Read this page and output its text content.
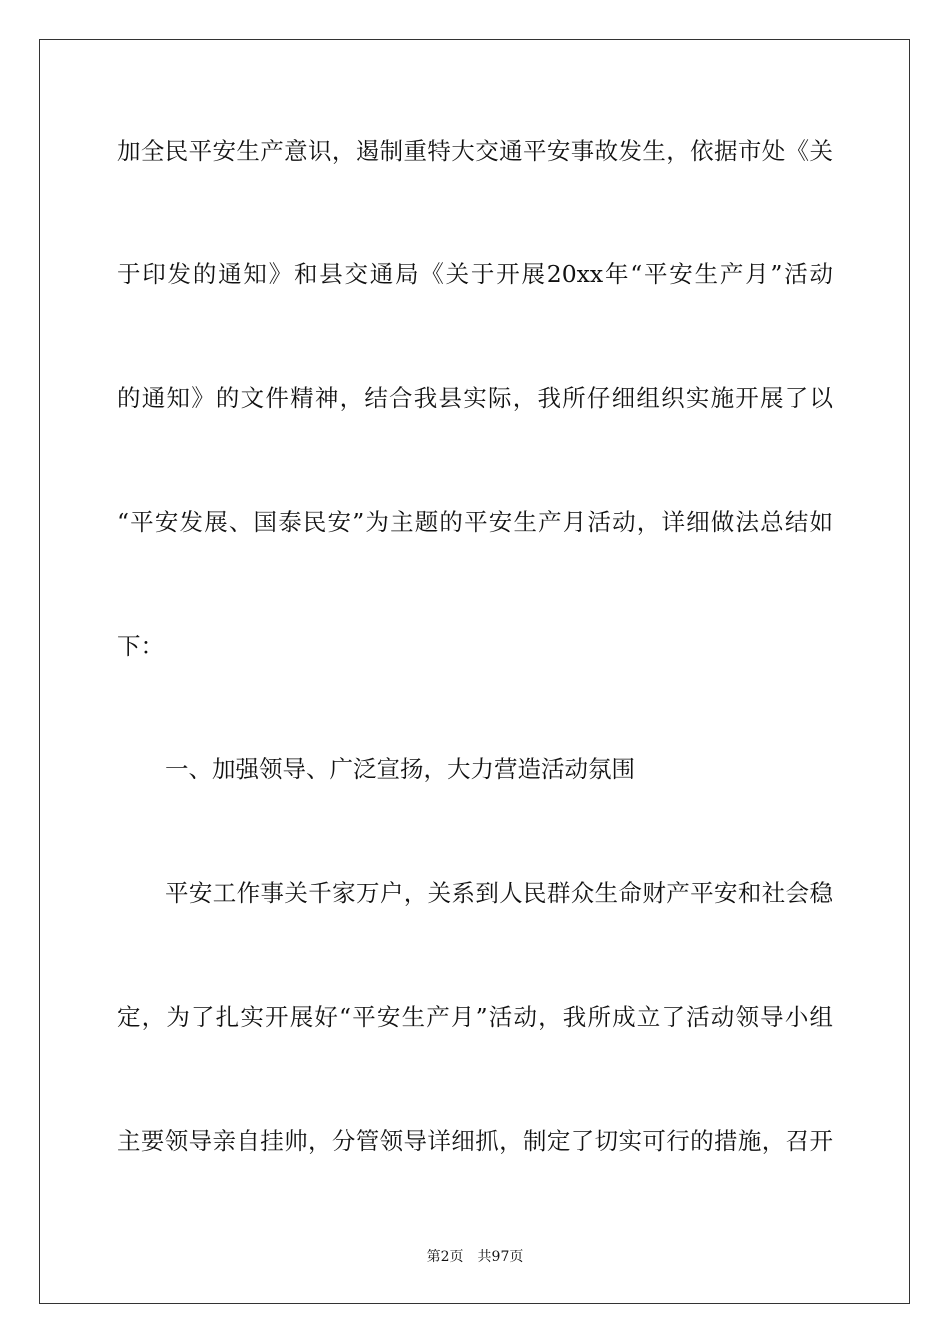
加全民平安生产意识，遏制重特大交通平安事故发生，依据市处《关
于印发的通知》和县交通局《关于开展20xx年“平安生产月”活动
的通知》的文件精神，结合我县实际，我所仔细组织实施开展了以
“平安发展、国泰民安”为主题的平安生产月活动，详细做法总结如
下：
一、加强领导、广泛宣扬，大力营造活动氛围
平安工作事关千家万户，关系到人民群众生命财产平安和社会稳
定，为了扎实开展好“平安生产月”活动，我所成立了活动领导小组
主要领导亲自挂帅，分管领导详细抓，制定了切实可行的措施，召开
第2页 共97页
